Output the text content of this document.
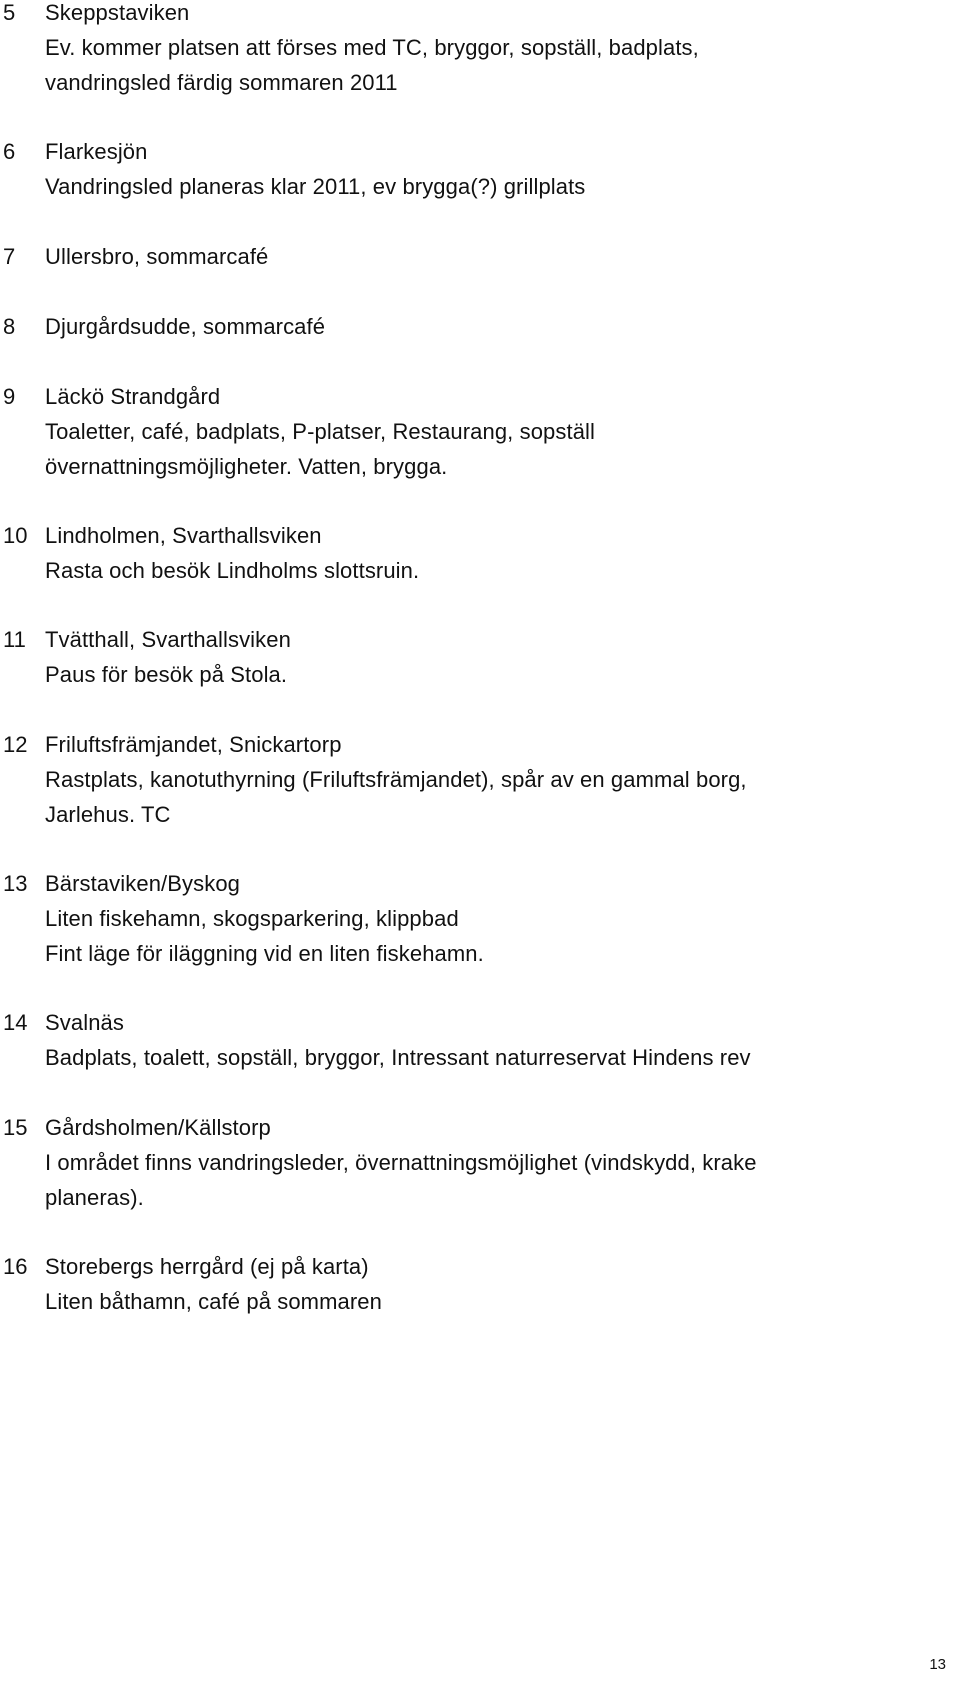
5 Skeppstaviken
Ev. kommer platsen att förses med TC, bryggor, sopställ, badplats,
vandringsled färdig sommaren 2011
6 Flarkesjön
Vandringsled planeras klar 2011, ev brygga(?) grillplats
7 Ullersbro, sommarcafé
8 Djurgårdsudde, sommarcafé
9 Läckö Strandgård
Toaletter, café, badplats, P-platser, Restaurang, sopställ
övernattningsmöjligheter. Vatten, brygga.
10 Lindholmen, Svarthallsviken
Rasta och besök Lindholms slottsruin.
11 Tvätthall, Svarthallsviken
Paus för besök på Stola.
12 Friluftsfrämjandet, Snickartorp
Rastplats, kanotuthyrning (Friluftsfrämjandet), spår av en gammal borg,
Jarlehus. TC
13 Bärstaviken/Byskog
Liten fiskehamn, skogsparkering, klippbad
Fint läge för iläggning vid en liten fiskehamn.
14 Svalnäs
Badplats, toalett, sopställ, bryggor, Intressant naturreservat Hindens rev
15 Gårdsholmen/Källstorp
I området finns vandringsleder, övernattningsmöjlighet (vindskydd, krake
planeras).
16 Storebergs herrgård (ej på karta)
Liten båthamn, café på sommaren
13
